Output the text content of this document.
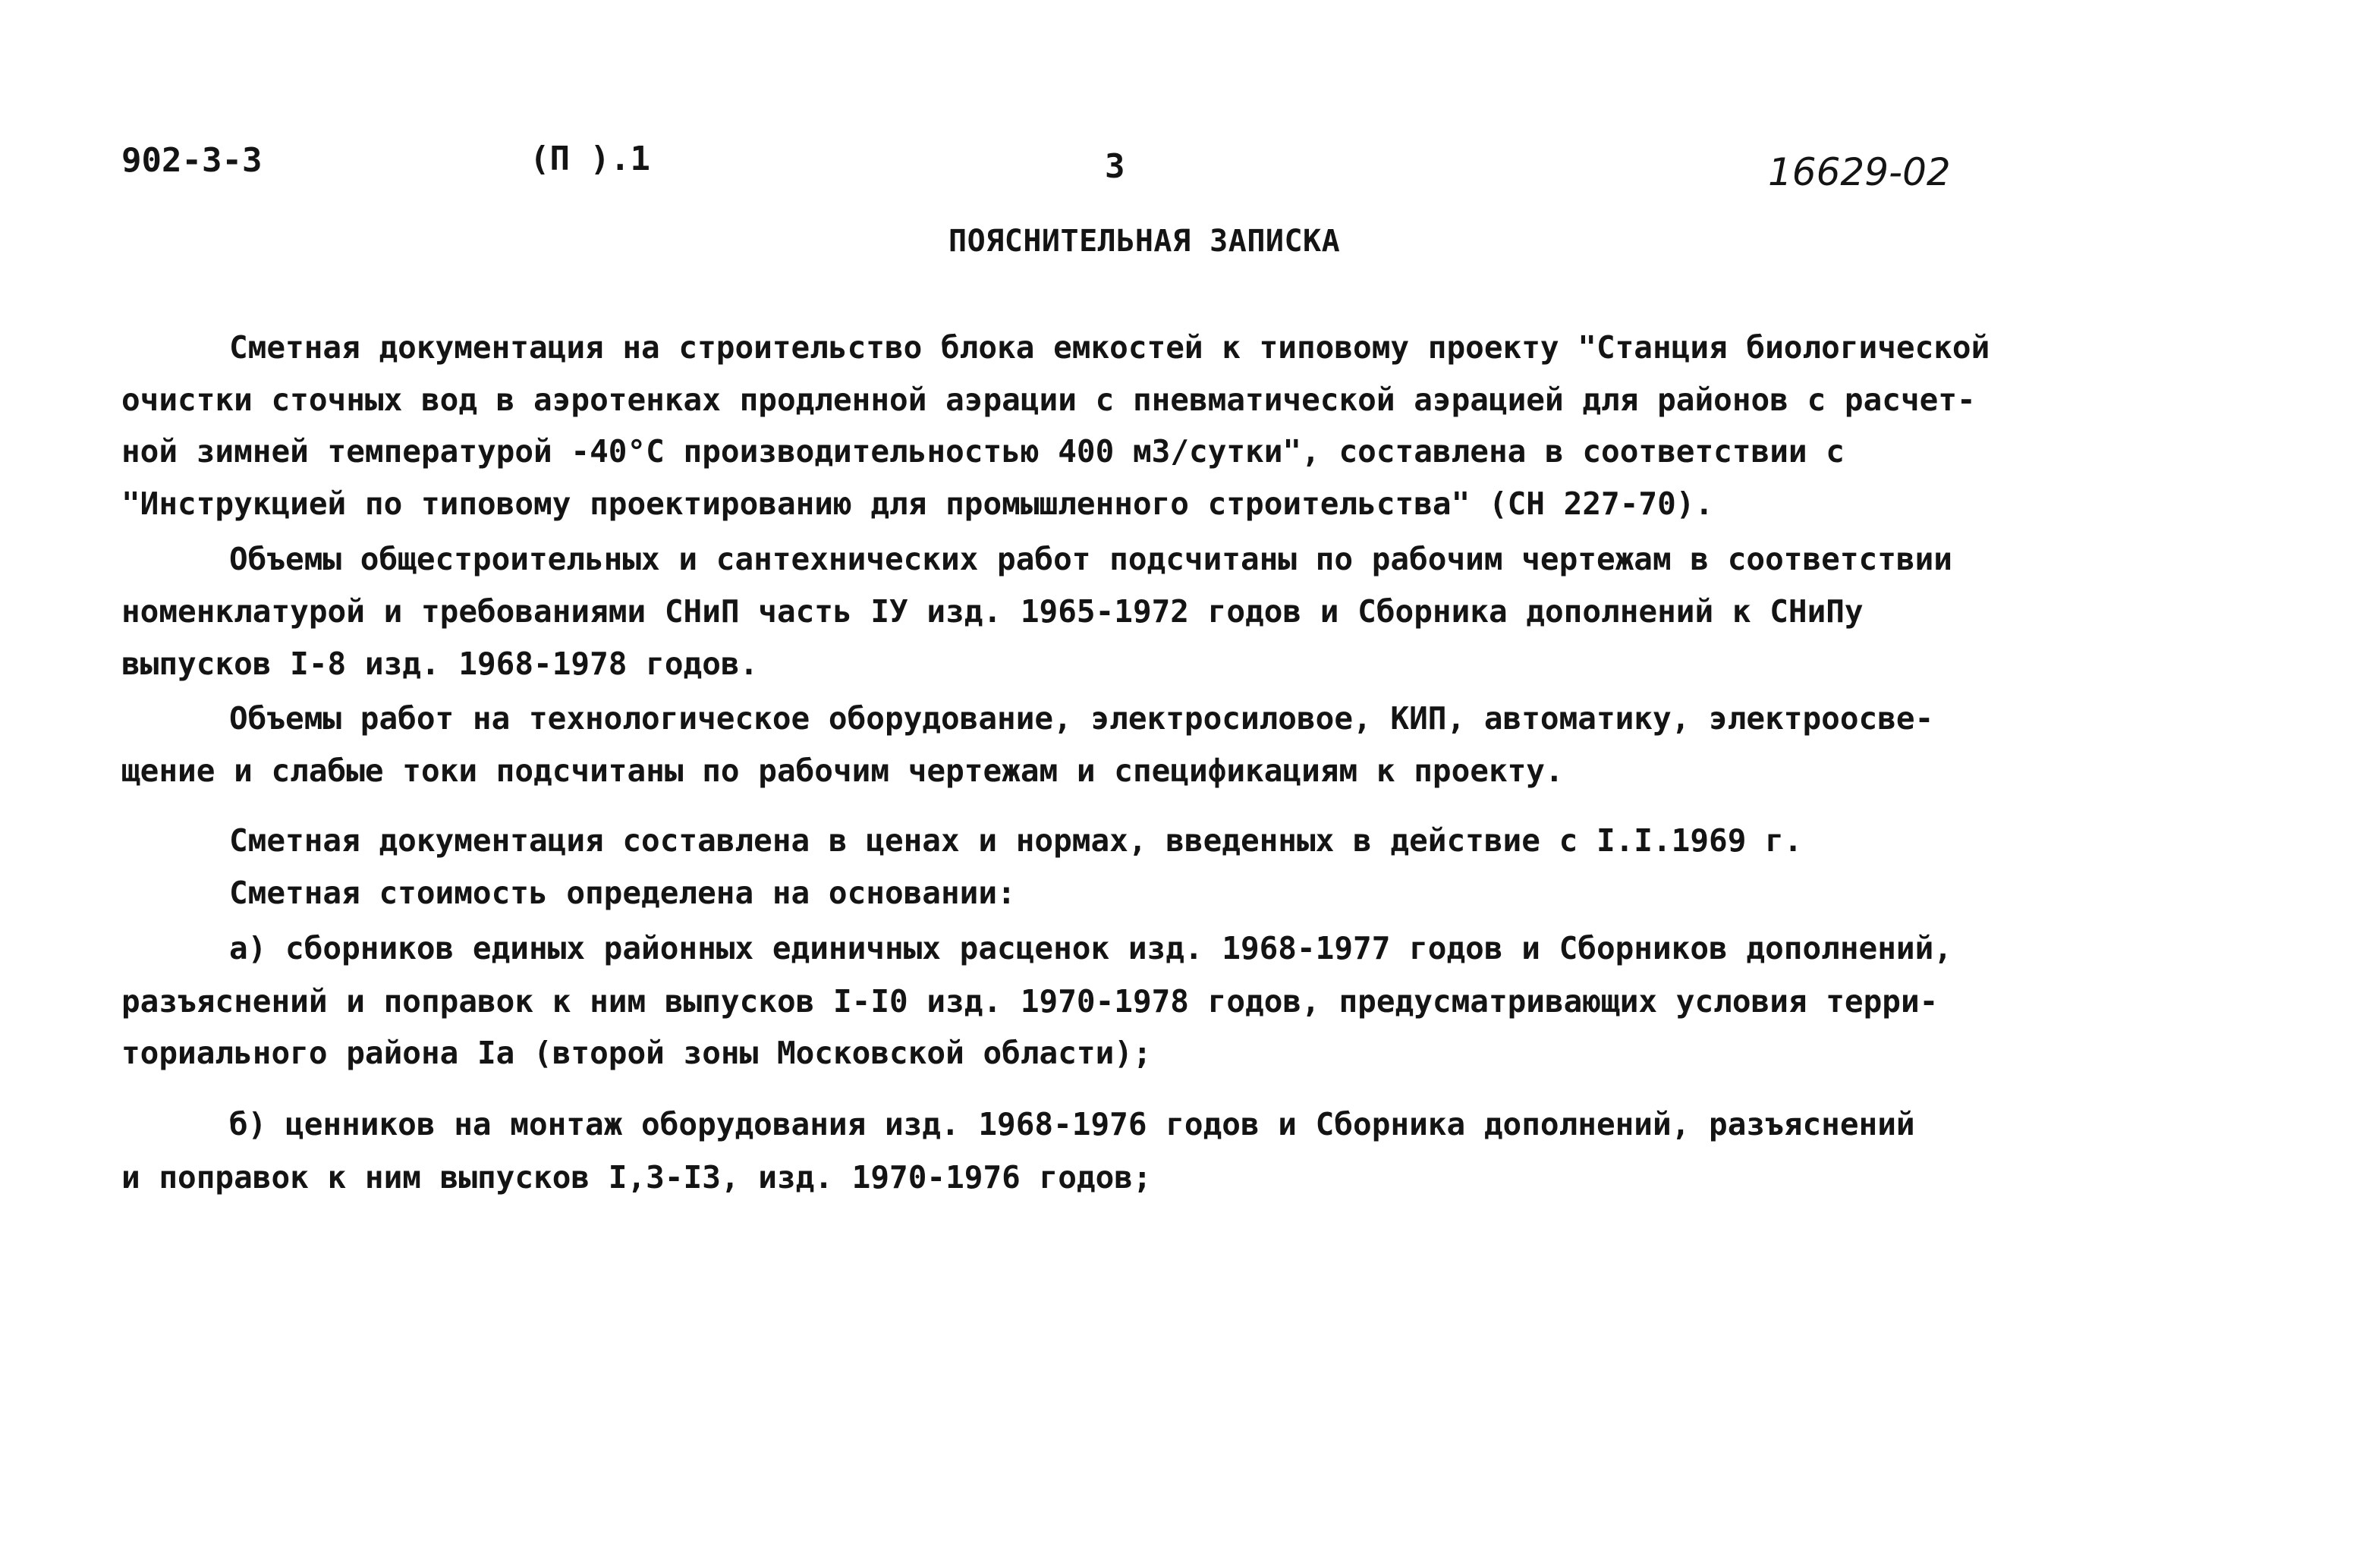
902-3-3	(П ).1	3	16629-02
ПОЯСНИТЕЛЬНАЯ ЗАПИСКА
Сметная документация на строительство блока емкостей к типовому проекту "Станция биологической
очистки сточных вод в аэротенках продленной аэрации с пневматической аэрацией для районов с расчет-
ной зимней температурой -40°С производительностью 400 м3/сутки", составлена в соответствии с
"Инструкцией по типовому проектированию для промышленного строительства" (СН 227-70).
Объемы общестроительных и сантехнических работ подсчитаны по рабочим чертежам в соответствии
номенклатурой и требованиями СНиП часть IУ изд. 1965-1972 годов и Сборника дополнений к СНиПу
выпусков I-8 изд. 1968-1978 годов.
Объемы работ на технологическое оборудование, электросиловое, КИП, автоматику, электроосве-
щение и слабые токи подсчитаны по рабочим чертежам и спецификациям к проекту.
Сметная документация составлена в ценах и нормах, введенных в действие с I.I.1969 г.
Сметная стоимость определена на основании:
а) сборников единых районных единичных расценок изд. 1968-1977 годов и Сборников дополнений,
разъяснений и поправок к ним выпусков I-I0 изд. 1970-1978 годов, предусматривающих условия терри-
ториального района Iа (второй зоны Московской области);
б) ценников на монтаж оборудования изд. 1968-1976 годов и Сборника дополнений, разъяснений
и поправок к ним выпусков I,3-I3, изд. 1970-1976 годов;
